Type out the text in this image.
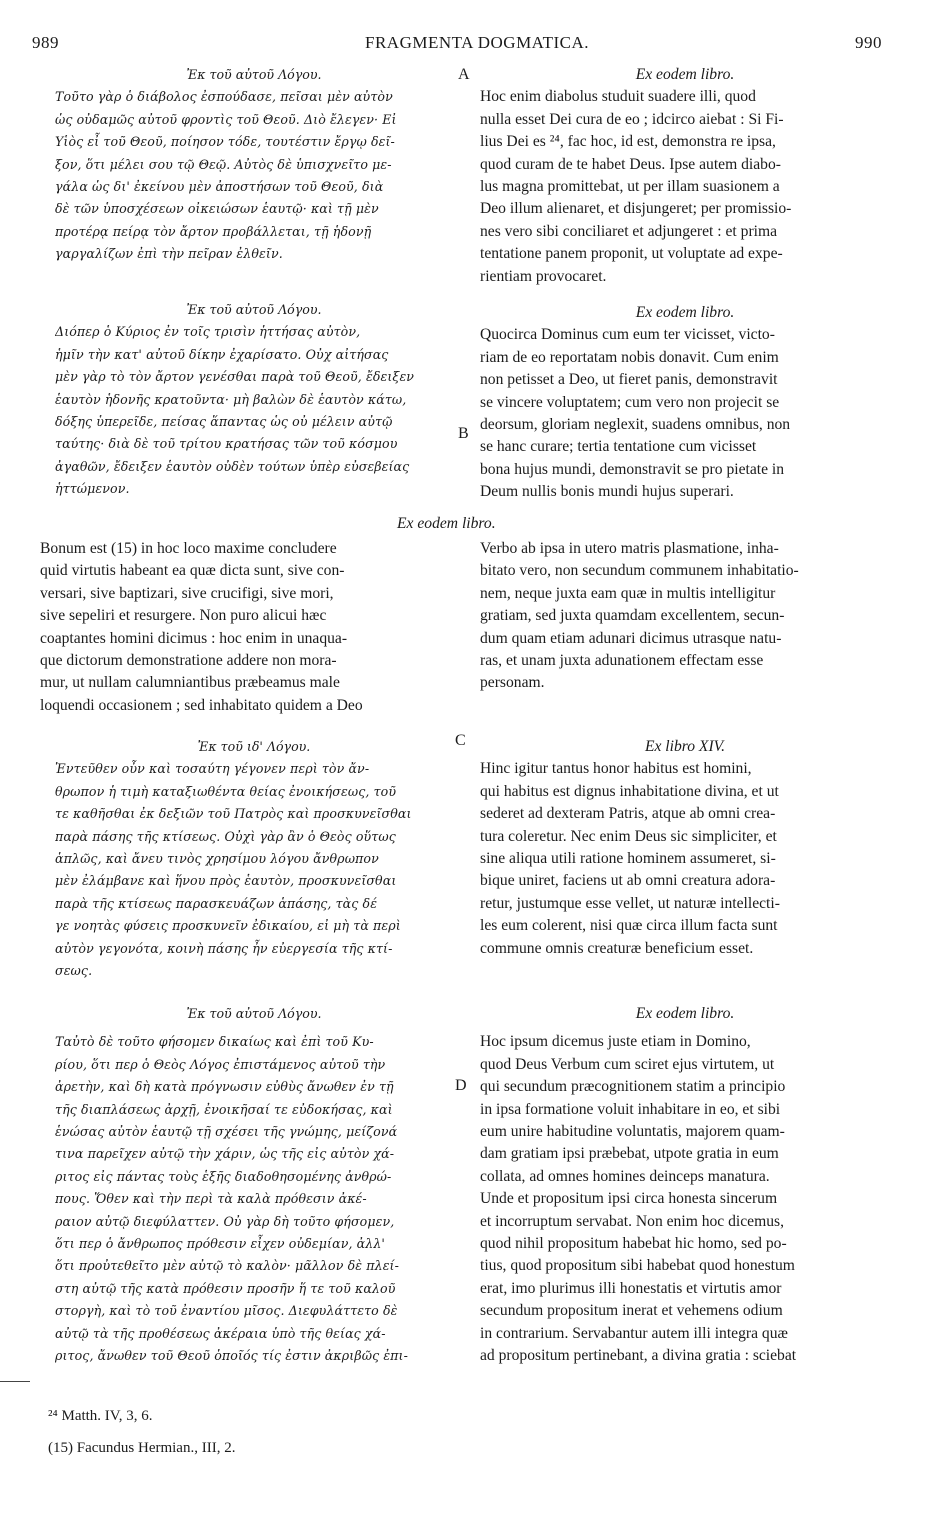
989	FRAGMENTA DOGMATICA.	990
A
B
C
D
Ἐκ τοῦ αὐτοῦ Λόγου.
Τοῦτο γὰρ ὁ διάβολος ἐσπούδασε, πεῖσαι μὲν αὐτὸν
ὡς οὐδαμῶς αὐτοῦ φροντὶς τοῦ Θεοῦ. Διὸ ἔλεγεν· Εἰ
Υἱὸς εἶ τοῦ Θεοῦ, ποίησον τόδε, τουτέστιν ἔργῳ δεῖ-
ξον, ὅτι μέλει σου τῷ Θεῷ. Αὐτὸς δὲ ὑπισχνεῖτο με-
γάλα ὡς δι' ἐκείνου μὲν ἀποστήσων τοῦ Θεοῦ, διὰ
δὲ τῶν ὑποσχέσεων οἰκειώσων ἑαυτῷ· καὶ τῇ μὲν
προτέρᾳ πείρᾳ τὸν ἄρτον προβάλλεται, τῇ ἡδονῇ
γαργαλίζων ἐπὶ τὴν πεῖραν ἐλθεῖν.
Ex eodem libro.
Hoc enim diabolus studuit suadere illi, quod
nulla esset Dei cura de eo ; idcirco aiebat : Si Fi-
lius Dei es ²⁴, fac hoc, id est, demonstra re ipsa,
quod curam de te habet Deus. Ipse autem diabo-
lus magna promittebat, ut per illam suasionem a
Deo illum alienaret, et disjungeret; per promissio-
nes vero sibi conciliaret et adjungeret : et prima
tentatione panem proponit, ut voluptate ad expe-
rientiam provocaret.
Ἐκ τοῦ αὐτοῦ Λόγου.
Διόπερ ὁ Κύριος ἐν τοῖς τρισὶν ἡττήσας αὐτὸν,
ἡμῖν τὴν κατ' αὐτοῦ δίκην ἐχαρίσατο. Οὐχ αἰτήσας
μὲν γὰρ τὸ τὸν ἄρτον γενέσθαι παρὰ τοῦ Θεοῦ, ἔδειξεν
ἑαυτὸν ἡδονῆς κρατοῦντα· μὴ βαλὼν δὲ ἑαυτὸν κάτω,
δόξης ὑπερεῖδε, πείσας ἅπαντας ὡς οὐ μέλειν αὐτῷ
ταύτης· διὰ δὲ τοῦ τρίτου κρατήσας τῶν τοῦ κόσμου
ἀγαθῶν, ἔδειξεν ἑαυτὸν οὐδὲν τούτων ὑπὲρ εὐσεβείας
ἡττώμενον.
Ex eodem libro.
Quocirca Dominus cum eum ter vicisset, victo-
riam de eo reportatam nobis donavit. Cum enim
non petisset a Deo, ut fieret panis, demonstravit
se vincere voluptatem; cum vero non projecit se
deorsum, gloriam neglexit, suadens omnibus, non
se hanc curare; tertia tentatione cum vicisset
bona hujus mundi, demonstravit se pro pietate in
Deum nullis bonis mundi hujus superari.
Ex eodem libro.
Bonum est (15) in hoc loco maxime concludere
quid virtutis habeant ea quæ dicta sunt, sive con-
versari, sive baptizari, sive crucifigi, sive mori,
sive sepeliri et resurgere. Non puro alicui hæc
coaptantes homini dicimus : hoc enim in unaqua-
que dictorum demonstratione addere non mora-
mur, ut nullam calumniantibus præbeamus male
loquendi occasionem ; sed inhabitato quidem a Deo
Verbo ab ipsa in utero matris plasmatione, inha-
bitato vero, non secundum communem inhabitatio-
nem, neque juxta eam quæ in multis intelligitur
gratiam, sed juxta quamdam excellentem, secun-
dum quam etiam adunari dicimus utrasque natu-
ras, et unam juxta adunationem effectam esse
personam.
Ἐκ τοῦ ιδ' Λόγου.
Ἐντεῦθεν οὖν καὶ τοσαύτη γέγονεν περὶ τὸν ἄν-
θρωπον ἡ τιμὴ καταξιωθέντα θείας ἐνοικήσεως, τοῦ
τε καθῆσθαι ἐκ δεξιῶν τοῦ Πατρὸς καὶ προσκυνεῖσθαι
παρὰ πάσης τῆς κτίσεως. Οὐχὶ γὰρ ἂν ὁ Θεὸς οὕτως
ἁπλῶς, καὶ ἄνευ τινὸς χρησίμου λόγου ἄνθρωπον
μὲν ἐλάμβανε καὶ ἥνου πρὸς ἑαυτὸν, προσκυνεῖσθαι
παρὰ τῆς κτίσεως παρασκευάζων ἁπάσης, τὰς δέ
γε νοητὰς φύσεις προσκυνεῖν ἐδικαίου, εἰ μὴ τὰ περὶ
αὐτὸν γεγονότα, κοινὴ πάσης ἦν εὐεργεσία τῆς κτί-
σεως.
Ex libro XIV.
Hinc igitur tantus honor habitus est homini,
qui habitus est dignus inhabitatione divina, et ut
sederet ad dexteram Patris, atque ab omni crea-
tura coleretur. Nec enim Deus sic simpliciter, et
sine aliqua utili ratione hominem assumeret, si-
bique uniret, faciens ut ab omni creatura adora-
retur, justumque esse vellet, ut naturæ intellecti-
les eum colerent, nisi quæ circa illum facta sunt
commune omnis creaturæ beneficium esset.
Ἐκ τοῦ αὐτοῦ Λόγου.
Ταὐτὸ δὲ τοῦτο φήσομεν δικαίως καὶ ἐπὶ τοῦ Κυ-
ρίου, ὅτι περ ὁ Θεὸς Λόγος ἐπιστάμενος αὐτοῦ τὴν
ἀρετὴν, καὶ δὴ κατὰ πρόγνωσιν εὐθὺς ἄνωθεν ἐν τῇ
τῆς διαπλάσεως ἀρχῇ, ἐνοικῆσαί τε εὐδοκήσας, καὶ
ἑνώσας αὐτὸν ἑαυτῷ τῇ σχέσει τῆς γνώμης, μείζονά
τινα παρεῖχεν αὐτῷ τὴν χάριν, ὡς τῆς εἰς αὐτὸν χά-
ριτος εἰς πάντας τοὺς ἑξῆς διαδοθησομένης ἀνθρώ-
πους. Ὅθεν καὶ τὴν περὶ τὰ καλὰ πρόθεσιν ἀκέ-
ραιον αὐτῷ διεφύλαττεν. Οὐ γὰρ δὴ τοῦτο φήσομεν,
ὅτι περ ὁ ἄνθρωπος πρόθεσιν εἶχεν οὐδεμίαν, ἀλλ'
ὅτι προὐτεθεῖτο μὲν αὐτῷ τὸ καλὸν· μᾶλλον δὲ πλεί-
στη αὐτῷ τῆς κατὰ πρόθεσιν προσῆν ἥ τε τοῦ καλοῦ
στοργὴ, καὶ τὸ τοῦ ἐναντίου μῖσος. Διεφυλάττετο δὲ
αὐτῷ τὰ τῆς προθέσεως ἀκέραια ὑπὸ τῆς θείας χά-
ριτος, ἄνωθεν τοῦ Θεοῦ ὁποῖός τίς ἐστιν ἀκριβῶς ἐπι-
Ex eodem libro.
Hoc ipsum dicemus juste etiam in Domino,
quod Deus Verbum cum sciret ejus virtutem, ut
qui secundum præcognitionem statim a principio
in ipsa formatione voluit inhabitare in eo, et sibi
eum unire habitudine voluntatis, majorem quam-
dam gratiam ipsi præbebat, utpote gratia in eum
collata, ad omnes homines deinceps manatura.
Unde et propositum ipsi circa honesta sincerum
et incorruptum servabat. Non enim hoc dicemus,
quod nihil propositum habebat hic homo, sed po-
tius, quod propositum sibi habebat quod honestum
erat, imo plurimus illi honestatis et virtutis amor
secundum propositum inerat et vehemens odium
in contrarium. Servabantur autem illi integra quæ
ad propositum pertinebant, a divina gratia : sciebat
²⁴ Matth. IV, 3, 6.
(15) Facundus Hermian., III, 2.
